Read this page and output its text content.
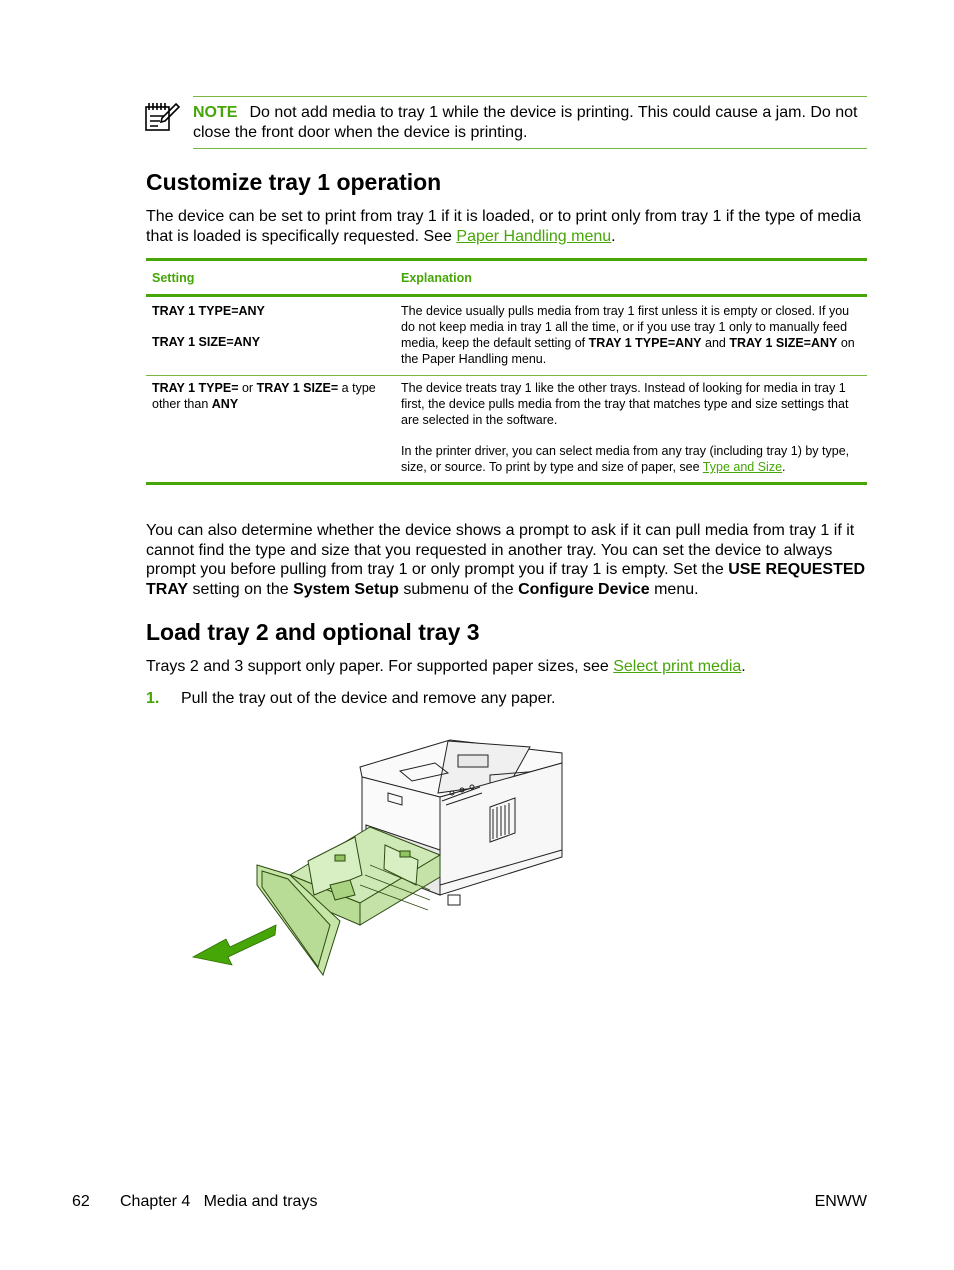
NOTE Do not add media to tray 1 while the device is printing. This could cause a jam. Do not close the front door when the device is printing.
Customize tray 1 operation
The device can be set to print from tray 1 if it is loaded, or to print only from tray 1 if the type of media that is loaded is specifically requested. See Paper Handling menu.
Setting	Explanation

TRAY 1 TYPE=ANY

TRAY 1 SIZE=ANY

The device usually pulls media from tray 1 first unless it is empty or closed. If you do not keep media in tray 1 all the time, or if you use tray 1 only to manually feed media, keep the default setting of TRAY 1 TYPE=ANY and TRAY 1 SIZE=ANY on the Paper Handling menu.

TRAY 1 TYPE= or TRAY 1 SIZE= a type other than ANY

The device treats tray 1 like the other trays. Instead of looking for media in tray 1 first, the device pulls media from the tray that matches type and size settings that are selected in the software.

In the printer driver, you can select media from any tray (including tray 1) by type, size, or source. To print by type and size of paper, see Type and Size.

You can also determine whether the device shows a prompt to ask if it can pull media from tray 1 if it cannot find the type and size that you requested in another tray. You can set the device to always prompt you before pulling from tray 1 or only prompt you if tray 1 is empty. Set the USE REQUESTED TRAY setting on the System Setup submenu of the Configure Device menu.
Load tray 2 and optional tray 3
Trays 2 and 3 support only paper. For supported paper sizes, see Select print media.
1. Pull the tray out of the device and remove any paper.
62 Chapter 4   Media and trays	ENWW
